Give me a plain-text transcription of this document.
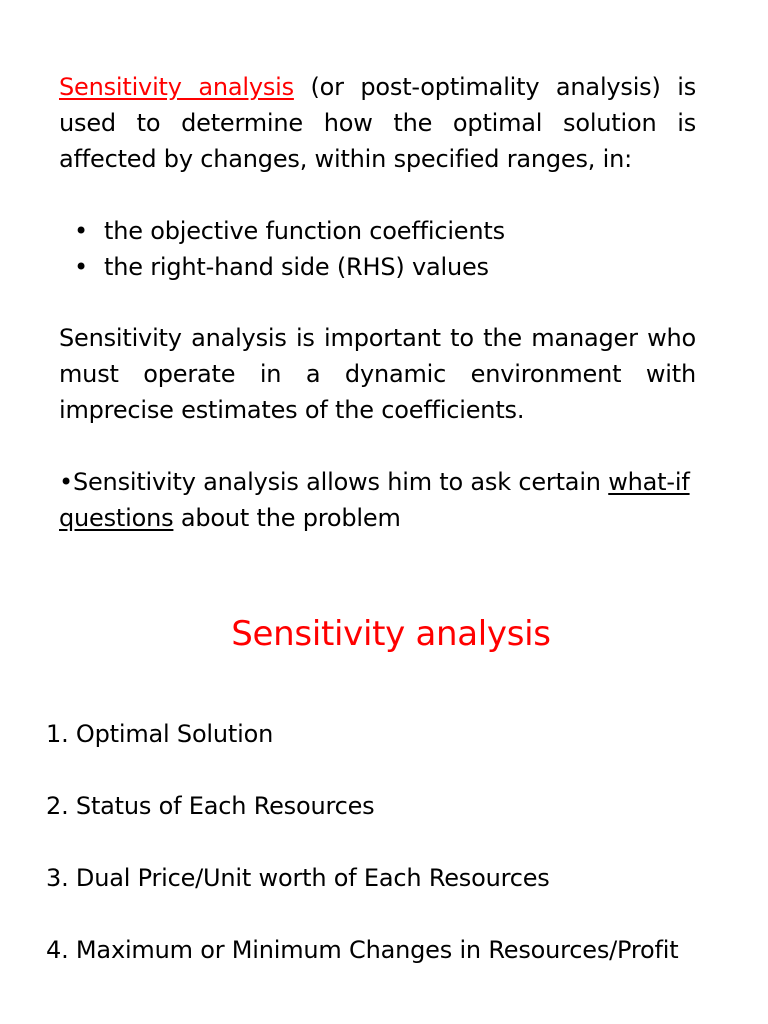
Sensitivity analysis (or post-optimality analysis) is used to determine how the optimal solution is affected by changes, within specified ranges, in:

• the objective function coefficients
• the right-hand side (RHS) values

Sensitivity analysis is important to the manager who must operate in a dynamic environment with imprecise estimates of the coefficients.

•Sensitivity analysis allows him to ask certain what-if questions about the problem

Sensitivity analysis
1. Optimal Solution
2. Status of Each Resources
3. Dual Price/Unit worth of Each Resources
4. Maximum or Minimum Changes in Resources/Profit
